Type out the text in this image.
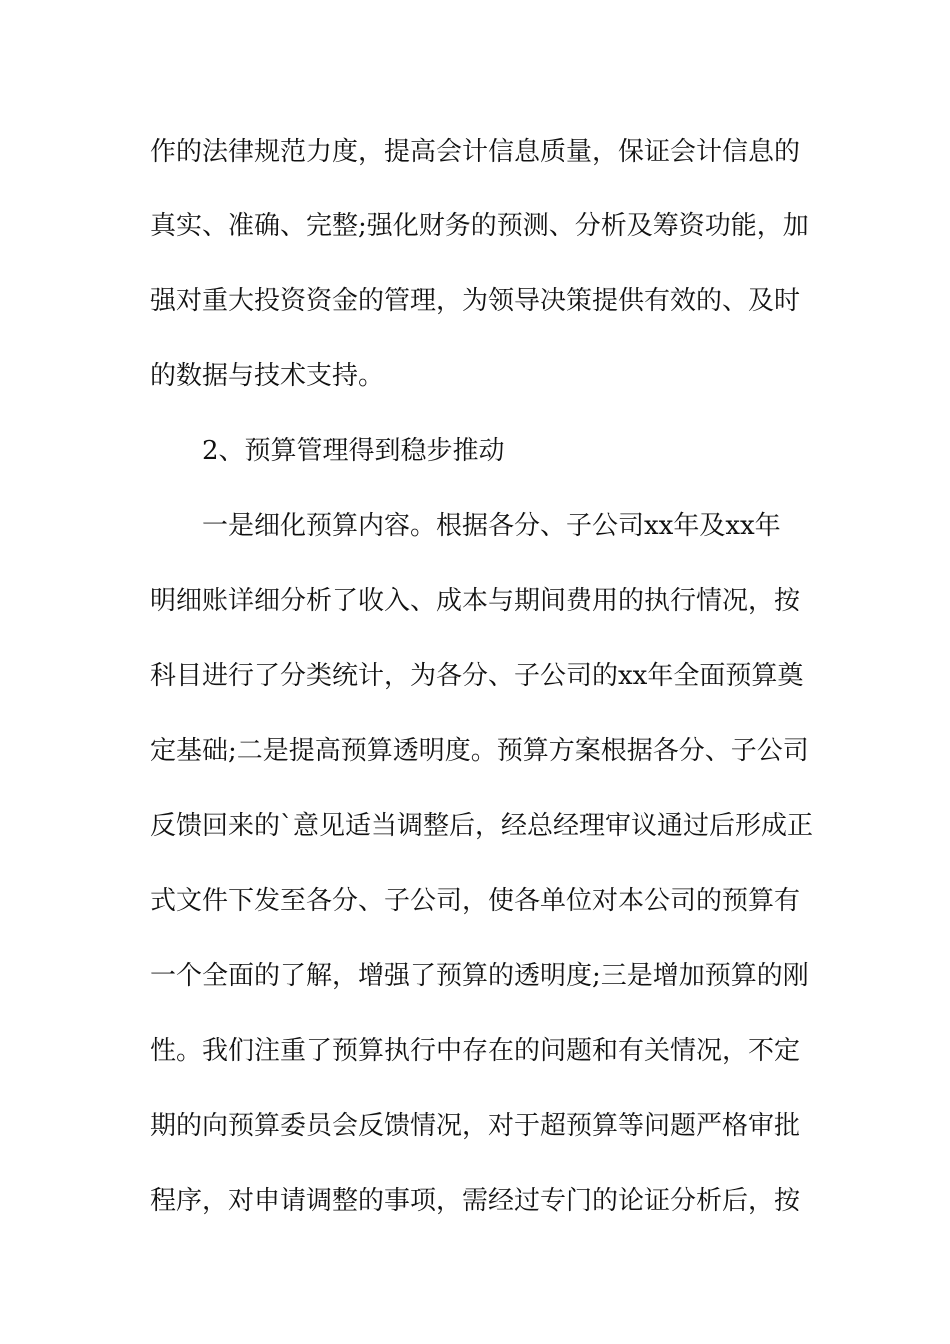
作的法律规范力度，提高会计信息质量，保证会计信息的
真实、准确、完整;强化财务的预测、分析及筹资功能，加
强对重大投资资金的管理，为领导决策提供有效的、及时
的数据与技术支持。
2、预算管理得到稳步推动
一是细化预算内容。根据各分、子公司xx年及xx年
明细账详细分析了收入、成本与期间费用的执行情况，按
科目进行了分类统计，为各分、子公司的xx年全面预算奠
定基础;二是提高预算透明度。预算方案根据各分、子公司
反馈回来的`意见适当调整后，经总经理审议通过后形成正
式文件下发至各分、子公司，使各单位对本公司的预算有
一个全面的了解，增强了预算的透明度;三是增加预算的刚
性。我们注重了预算执行中存在的问题和有关情况，不定
期的向预算委员会反馈情况，对于超预算等问题严格审批
程序，对申请调整的事项，需经过专门的论证分析后，按
